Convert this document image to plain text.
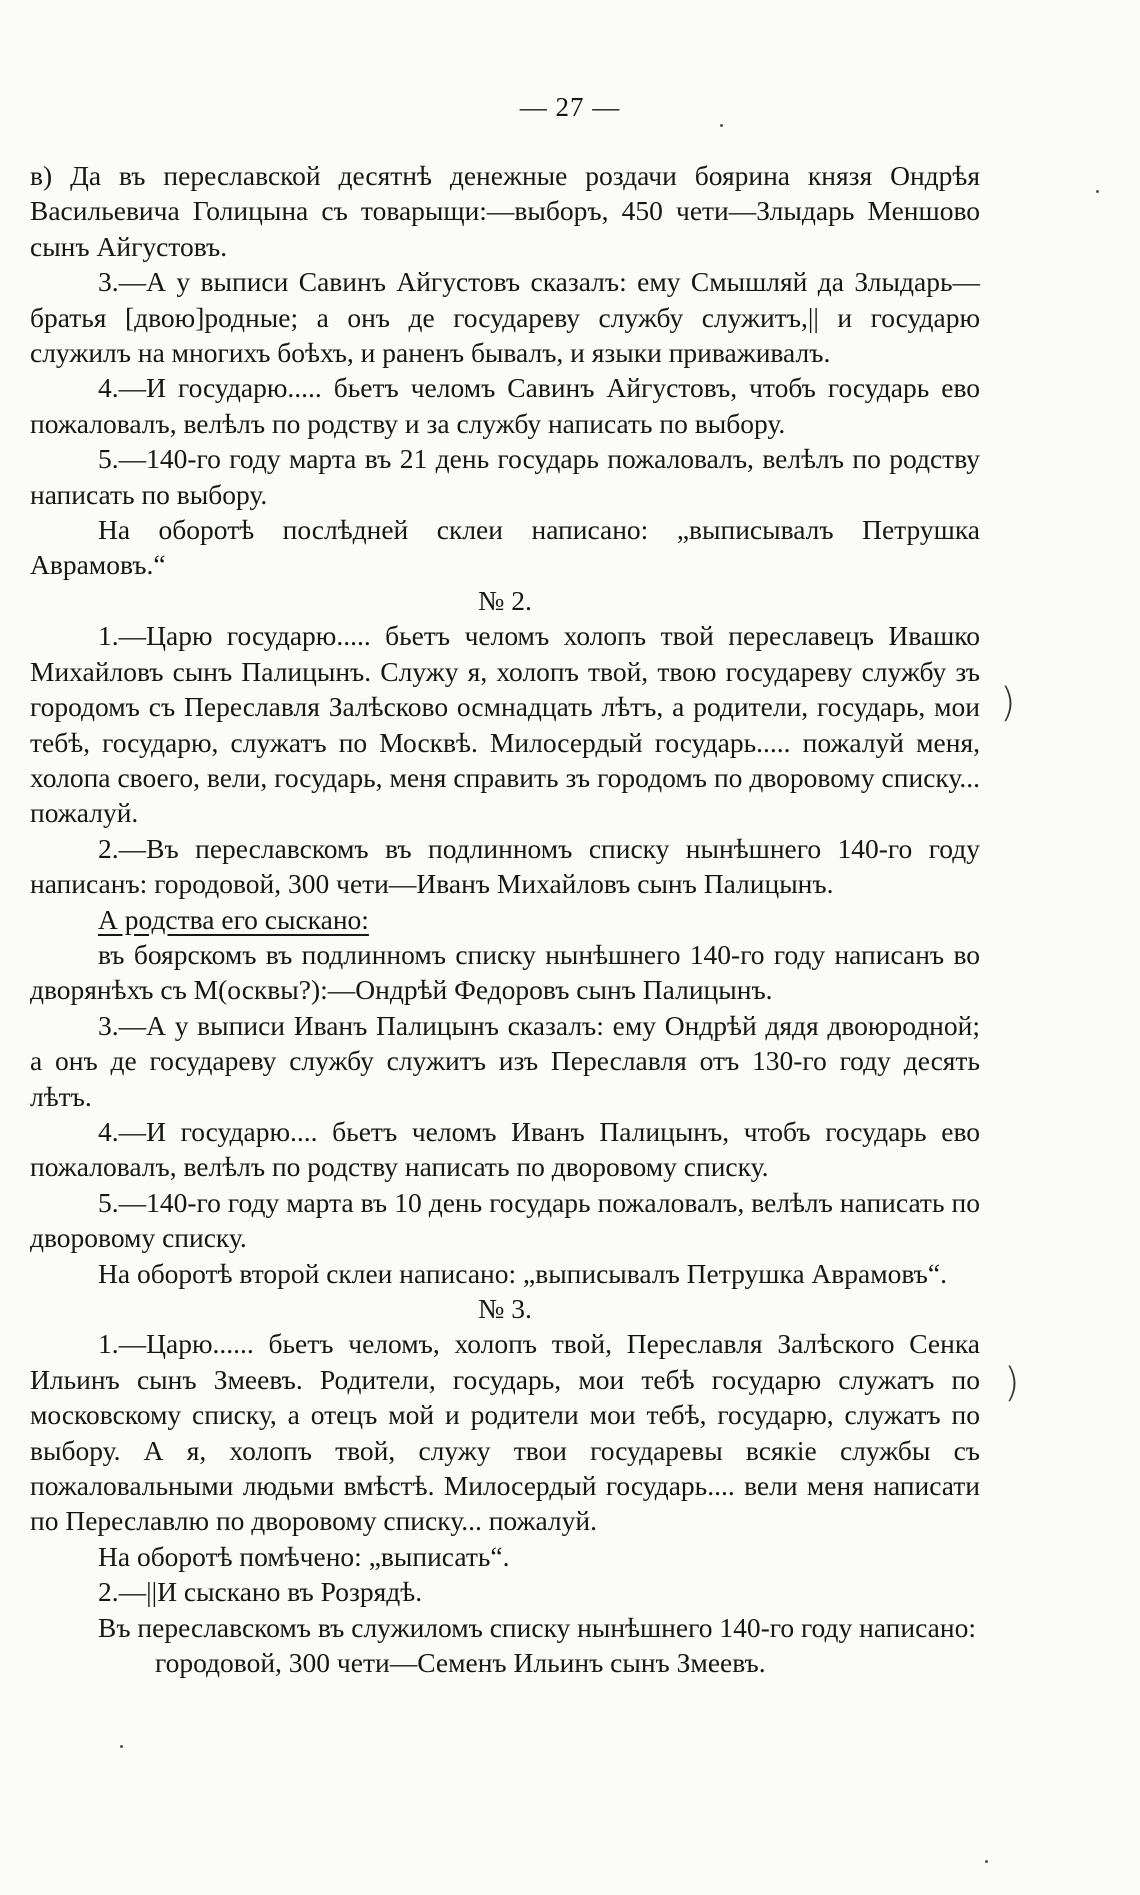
— 27 —
в) Да въ переславской десятнѣ денежные роздачи боярина князя Ондрѣя Васильевича Голицына съ товарыщи:—выборъ, 450 чети—Злыдарь Меншово сынъ Айгустовъ.
3.—А у выписи Савинъ Айгустовъ сказалъ: ему Смышляй да Злыдарь—братья [двою]родные; а онъ де государеву службу служитъ,|| и государю служилъ на многихъ боѣхъ, и раненъ бывалъ, и языки приваживалъ.
4.—И государю..... бьетъ челомъ Савинъ Айгустовъ, чтобъ государь ево пожаловалъ, велѣлъ по родству и за службу написать по выбору.
5.—140-го году марта въ 21 день государь пожаловалъ, велѣлъ по родству написать по выбору.
На оборотѣ послѣдней склеи написано: „выписывалъ Петрушка Аврамовъ.“
№ 2.
1.—Царю государю..... бьетъ челомъ холопъ твой переславецъ Ивашко Михайловъ сынъ Палицынъ. Служу я, холопъ твой, твою государеву службу зъ городомъ съ Переславля Залѣсково осмнадцать лѣтъ, а родители, государь, мои тебѣ, государю, служатъ по Москвѣ. Милосердый государь..... пожалуй меня, холопа своего, вели, государь, меня справить зъ городомъ по дворовому списку... пожалуй.
2.—Въ переславскомъ въ подлинномъ списку нынѣшнего 140-го году написанъ: городовой, 300 чети—Иванъ Михайловъ сынъ Палицынъ.
А родства его сыскано:
въ боярскомъ въ подлинномъ списку нынѣшнего 140-го году написанъ во дворянѣхъ съ М(осквы?):—Ондрѣй Федоровъ сынъ Палицынъ.
3.—А у выписи Иванъ Палицынъ сказалъ: ему Ондрѣй дядя двоюродной; а онъ де государеву службу служитъ изъ Переславля отъ 130-го году десять лѣтъ.
4.—И государю.... бьетъ челомъ Иванъ Палицынъ, чтобъ государь ево пожаловалъ, велѣлъ по родству написать по дворовому списку.
5.—140-го году марта въ 10 день государь пожаловалъ, велѣлъ написать по дворовому списку.
На оборотѣ второй склеи написано: „выписывалъ Петрушка Аврамовъ“.
№ 3.
1.—Царю...... бьетъ челомъ, холопъ твой, Переславля Залѣского Сенка Ильинъ сынъ Змеевъ. Родители, государь, мои тебѣ государю служатъ по московскому списку, а отецъ мой и родители мои тебѣ, государю, служатъ по выбору. А я, холопъ твой, служу твои государевы всякіе службы съ пожаловальными людьми вмѣстѣ. Милосердый государь.... вели меня написати по Переславлю по дворовому списку... пожалуй.
На оборотѣ помѣчено: „выписать“.
2.—||И сыскано въ Розрядѣ.
Въ переславскомъ въ служиломъ списку нынѣшнего 140-го году написано:
городовой, 300 чети—Семенъ Ильинъ сынъ Змеевъ.
)
)
